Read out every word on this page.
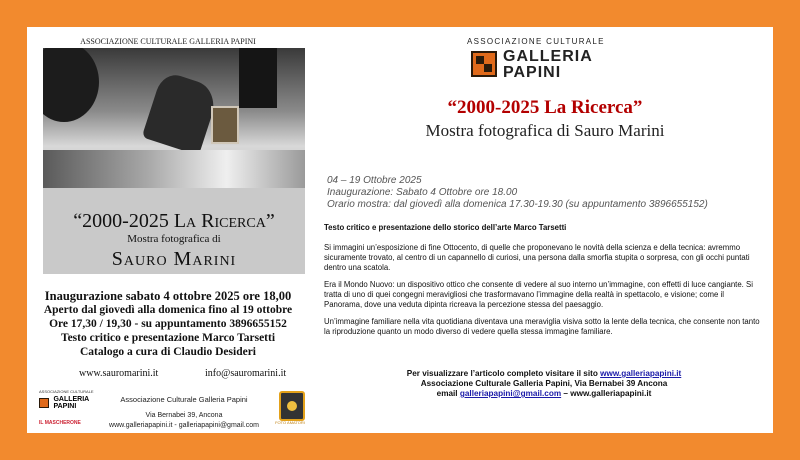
ASSOCIAZIONE CULTURALE GALLERIA PAPINI
“2000-2025 La Ricerca”
Mostra fotografica di
Sauro Marini
Inaugurazione sabato 4 ottobre 2025 ore 18,00
Aperto dal giovedì alla domenica fino al 19 ottobre
Ore 17,30 / 19,30 - su appuntamento 3896655152
Testo critico e presentazione Marco Tarsetti
Catalogo a cura di Claudio Desideri
www.sauromarini.it	info@sauromarini.it
ASSOCIAZIONE CULTURALE
GALLERIA
PAPINI
IL MASCHERONE
Associazione Culturale Galleria Papini
Via Bernabei 39, Ancona
www.galleriapapini.it - galleriapapini@gmail.com	FOTO AMATORI
ASSOCIAZIONE CULTURALE
GALLERIA
PAPINI
“2000-2025 La Ricerca”
Mostra fotografica di Sauro Marini
04 – 19 Ottobre 2025
Inaugurazione: Sabato 4 Ottobre ore 18.00
Orario mostra: dal giovedì alla domenica 17.30-19.30 (su appuntamento 3896655152)

Testo critico e presentazione dello storico dell’arte Marco Tarsetti

Si immagini un’esposizione di fine Ottocento, di quelle che proponevano le novità della scienza e della tecnica: avremmo sicuramente trovato, al centro di un capannello di curiosi, una persona dalla smorfia stupita o sorpresa, con gli occhi puntati dentro una scatola.

Era il Mondo Nuovo: un dispositivo ottico che consente di vedere al suo interno un’immagine, con effetti di luce cangiante. Si tratta di uno di quei congegni meravigliosi che trasformavano l’immagine della realtà in spettacolo, e visione; come il Panorama, dove una veduta dipinta ricreava la percezione stessa del paesaggio.

Un’immagine familiare nella vita quotidiana diventava una meraviglia visiva sotto la lente della tecnica, che consente non tanto la riproduzione quanto un modo diverso di vedere quella stessa immagine familiare.

Per visualizzare l’articolo completo visitare il sito www.galleriapapini.it
Associazione Culturale Galleria Papini, Via Bernabei 39 Ancona
email galleriapapini@gmail.com – www.galleriapapini.it
